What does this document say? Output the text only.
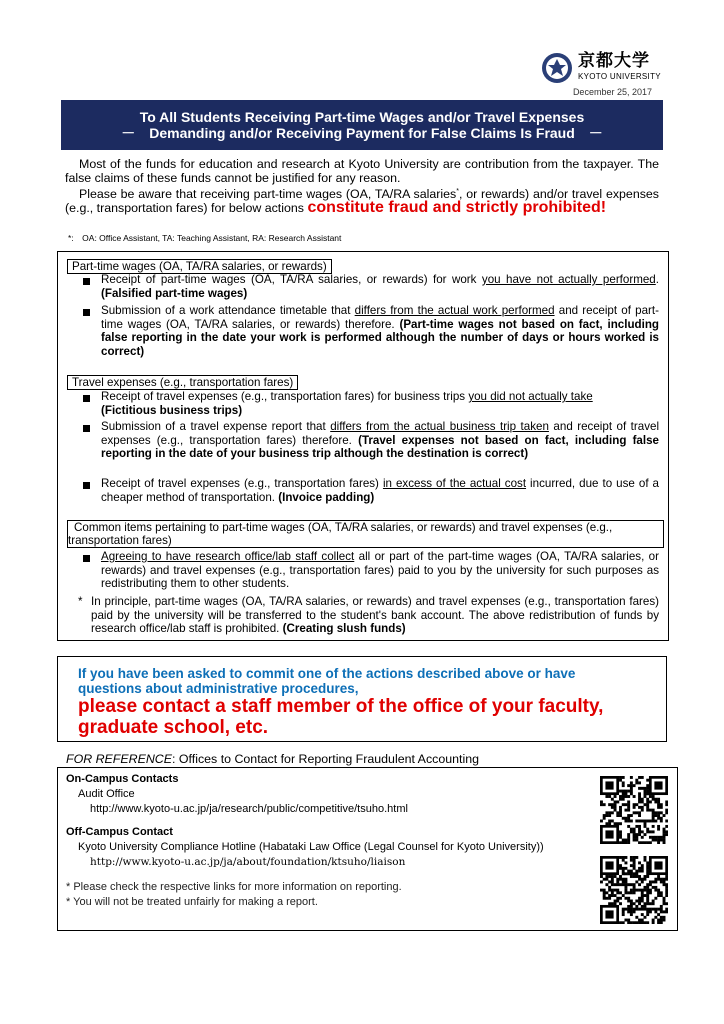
京都大学
KYOTO UNIVERSITY
December 25, 2017
To All Students Receiving Part-time Wages and/or Travel Expenses
－　Demanding and/or Receiving Payment for False Claims Is Fraud　－
Most of the funds for education and research at Kyoto University are contribution from the taxpayer. The false claims of these funds cannot be justified for any reason.
Please be aware that receiving part-time wages (OA, TA/RA salaries*, or rewards) and/or travel expenses (e.g., transportation fares) for below actions constitute fraud and strictly prohibited!
*:　OA: Office Assistant, TA: Teaching Assistant, RA: Research Assistant
Part-time wages (OA, TA/RA salaries, or rewards)
Receipt of part-time wages (OA, TA/RA salaries, or rewards) for work you have not actually performed. (Falsified part-time wages)
Submission of a work attendance timetable that differs from the actual work performed and receipt of part-time wages (OA, TA/RA salaries, or rewards) therefore. (Part-time wages not based on fact, including false reporting in the date your work is performed although the number of days or hours worked is correct)
Travel expenses (e.g., transportation fares)
Receipt of travel expenses (e.g., transportation fares) for business trips you did not actually take
(Fictitious business trips)
Submission of a travel expense report that differs from the actual business trip taken and receipt of travel expenses (e.g., transportation fares) therefore. (Travel expenses not based on fact, including false reporting in the date of your business trip although the destination is correct)
Receipt of travel expenses (e.g., transportation fares) in excess of the actual cost incurred, due to use of a cheaper method of transportation. (Invoice padding)
Common items pertaining to part-time wages (OA, TA/RA salaries, or rewards) and travel expenses (e.g., transportation fares)
Agreeing to have research office/lab staff collect all or part of the part-time wages (OA, TA/RA salaries, or rewards) and travel expenses (e.g., transportation fares) paid to you by the university for such purposes as redistributing them to other students.
* In principle, part-time wages (OA, TA/RA salaries, or rewards) and travel expenses (e.g., transportation fares) paid by the university will be transferred to the student's bank account. The above redistribution of funds by research office/lab staff is prohibited. (Creating slush funds)
If you have been asked to commit one of the actions described above or have questions about administrative procedures,
please contact a staff member of the office of your faculty, graduate school, etc.
FOR REFERENCE: Offices to Contact for Reporting Fraudulent Accounting
On-Campus Contacts
Audit Office
http://www.kyoto-u.ac.jp/ja/research/public/competitive/tsuho.html
Off-Campus Contact
Kyoto University Compliance Hotline (Habataki Law Office (Legal Counsel for Kyoto University))
http://www.kyoto-u.ac.jp/ja/about/foundation/ktsuho/liaison
* Please check the respective links for more information on reporting.
* You will not be treated unfairly for making a report.
